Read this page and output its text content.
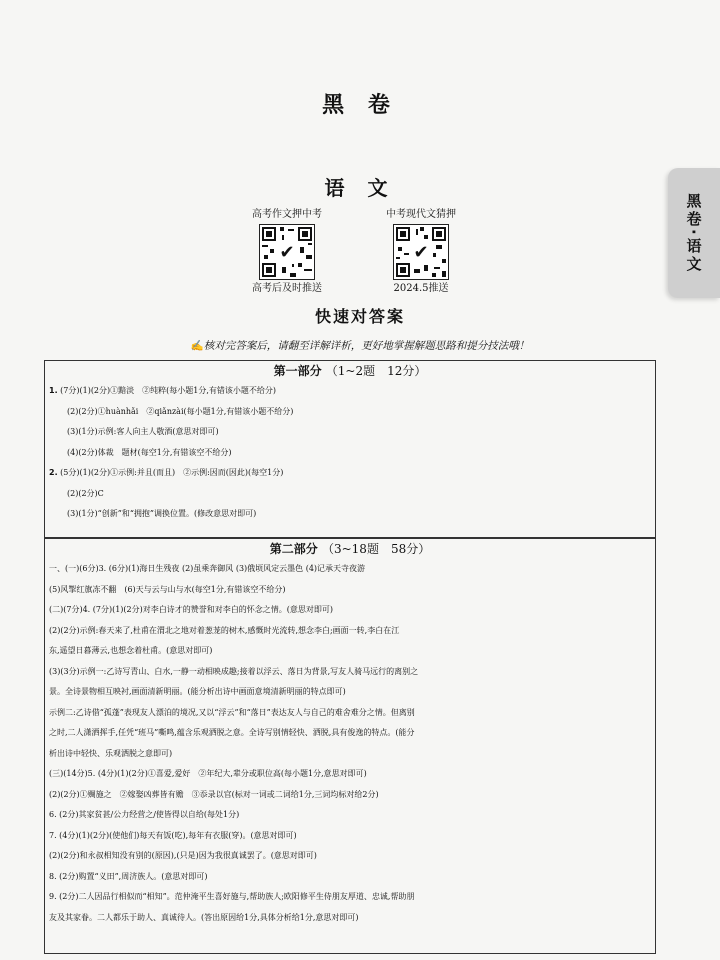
黑 卷
黑卷·语文
语 文
高考作文押中考
✔
高考后及时推送
中考现代文猜押
✔
2024.5推送
快速对答案
✍核对完答案后，请翻至详解详析，更好地掌握解题思路和提分技法哦！
第一部分 （1~2题　12分）
1. (7分)(1)(2分)①黯淡　②纯粹(每小题1分,有错该小题不给分)
(2)(2分)①huànhǎi　②qiǎnzài(每小题1分,有错该小题不给分)
(3)(1分)示例:客人向主人敬酒(意思对即可)
(4)(2分)体裁　题材(每空1分,有错该空不给分)
2. (5分)(1)(2分)①示例:并且(而且)　②示例:因而(因此)(每空1分)
(2)(2分)C
(3)(1分)“创新”和“拥抱”调换位置。(修改意思对即可)
第二部分 （3~18题　58分）
一、(一)(6分)3. (6分)(1)海日生残夜 (2)虽乘奔御风 (3)俄顷风定云墨色 (4)记承天寺夜游
(5)风掣红旗冻不翻　(6)天与云与山与水(每空1分,有错该空不给分)
(二)(7分)4. (7分)(1)(2分)对李白诗才的赞誉和对李白的怀念之情。(意思对即可)
(2)(2分)示例:春天来了,杜甫在渭北之地对着葱茏的树木,感慨时光流转,想念李白;画面一转,李白在江
东,遥望日暮薄云,也想念着杜甫。(意思对即可)
(3)(3分)示例一:乙诗写青山、白水,一静一动相映成趣;接着以浮云、落日为背景,写友人骑马远行的离别之
景。全诗景物相互映衬,画面清新明丽。(能分析出诗中画面意境清新明丽的特点即可)
示例二:乙诗借“孤蓬”表现友人漂泊的境况,又以“浮云”和“落日”表达友人与自己的难舍难分之情。但离别
之时,二人潇洒挥手,任凭“班马”嘶鸣,蕴含乐观洒脱之意。全诗写别情轻快、洒脱,具有俊逸的特点。(能分
析出诗中轻快、乐观洒脱之意即可)
(三)(14分)5. (4分)(1)(2分)①喜爱,爱好　②年纪大,辈分或职位高(每小题1分,意思对即可)
(2)(2分)①赒施之　②嫁娶凶葬皆有赡　③忝录以官(标对一词或二词给1分,三词均标对给2分)
6. (2分)其家贫甚/公力经营之/使皆得以自给(每处1分)
7. (4分)(1)(2分)(使他们)每天有饭(吃),每年有衣服(穿)。(意思对即可)
(2)(2分)和永叔相知没有别的(原因),(只是)因为我很真诚罢了。(意思对即可)
8. (2分)购置“义田”,周济族人。(意思对即可)
9. (2分)二人因品行相似而“相知”。范仲淹平生喜好施与,帮助族人;欧阳修平生侍朋友厚道、忠诚,帮助朋
友及其家眷。二人都乐于助人、真诚待人。(答出原因给1分,具体分析给1分,意思对即可)
